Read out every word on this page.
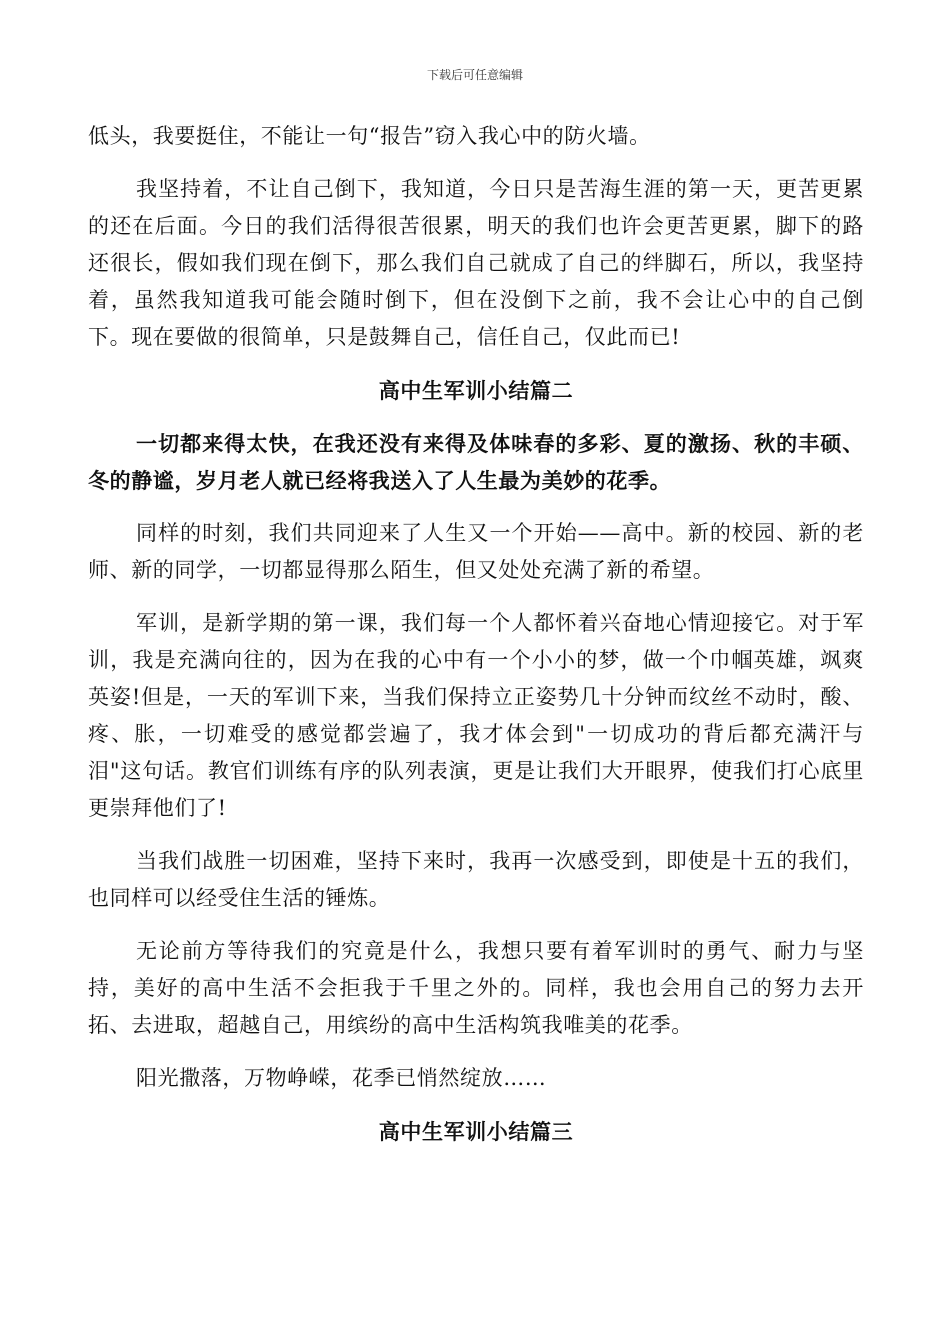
下载后可任意编辑

低头，我要挺住，不能让一句“报告”窃入我心中的防火墙。

我坚持着，不让自己倒下，我知道，今日只是苦海生涯的第一天，更苦更累的还在后面。今日的我们活得很苦很累，明天的我们也许会更苦更累，脚下的路还很长，假如我们现在倒下，那么我们自己就成了自己的绊脚石，所以，我坚持着，虽然我知道我可能会随时倒下，但在没倒下之前，我不会让心中的自己倒下。现在要做的很简单，只是鼓舞自己，信任自己，仅此而已!

高中生军训小结篇二

一切都来得太快，在我还没有来得及体味春的多彩、夏的激扬、秋的丰硕、冬的静谧，岁月老人就已经将我送入了人生最为美妙的花季。

同样的时刻，我们共同迎来了人生又一个开始——高中。新的校园、新的老师、新的同学，一切都显得那么陌生，但又处处充满了新的希望。

军训，是新学期的第一课，我们每一个人都怀着兴奋地心情迎接它。对于军训，我是充满向往的，因为在我的心中有一个小小的梦，做一个巾帼英雄，飒爽英姿!但是，一天的军训下来，当我们保持立正姿势几十分钟而纹丝不动时，酸、疼、胀，一切难受的感觉都尝遍了，我才体会到"一切成功的背后都充满汗与泪"这句话。教官们训练有序的队列表演，更是让我们大开眼界，使我们打心底里更崇拜他们了!

当我们战胜一切困难，坚持下来时，我再一次感受到，即使是十五的我们，也同样可以经受住生活的锤炼。

无论前方等待我们的究竟是什么，我想只要有着军训时的勇气、耐力与坚持，美好的高中生活不会拒我于千里之外的。同样，我也会用自己的努力去开拓、去进取，超越自己，用缤纷的高中生活构筑我唯美的花季。

阳光撒落，万物峥嵘，花季已悄然绽放……

高中生军训小结篇三
